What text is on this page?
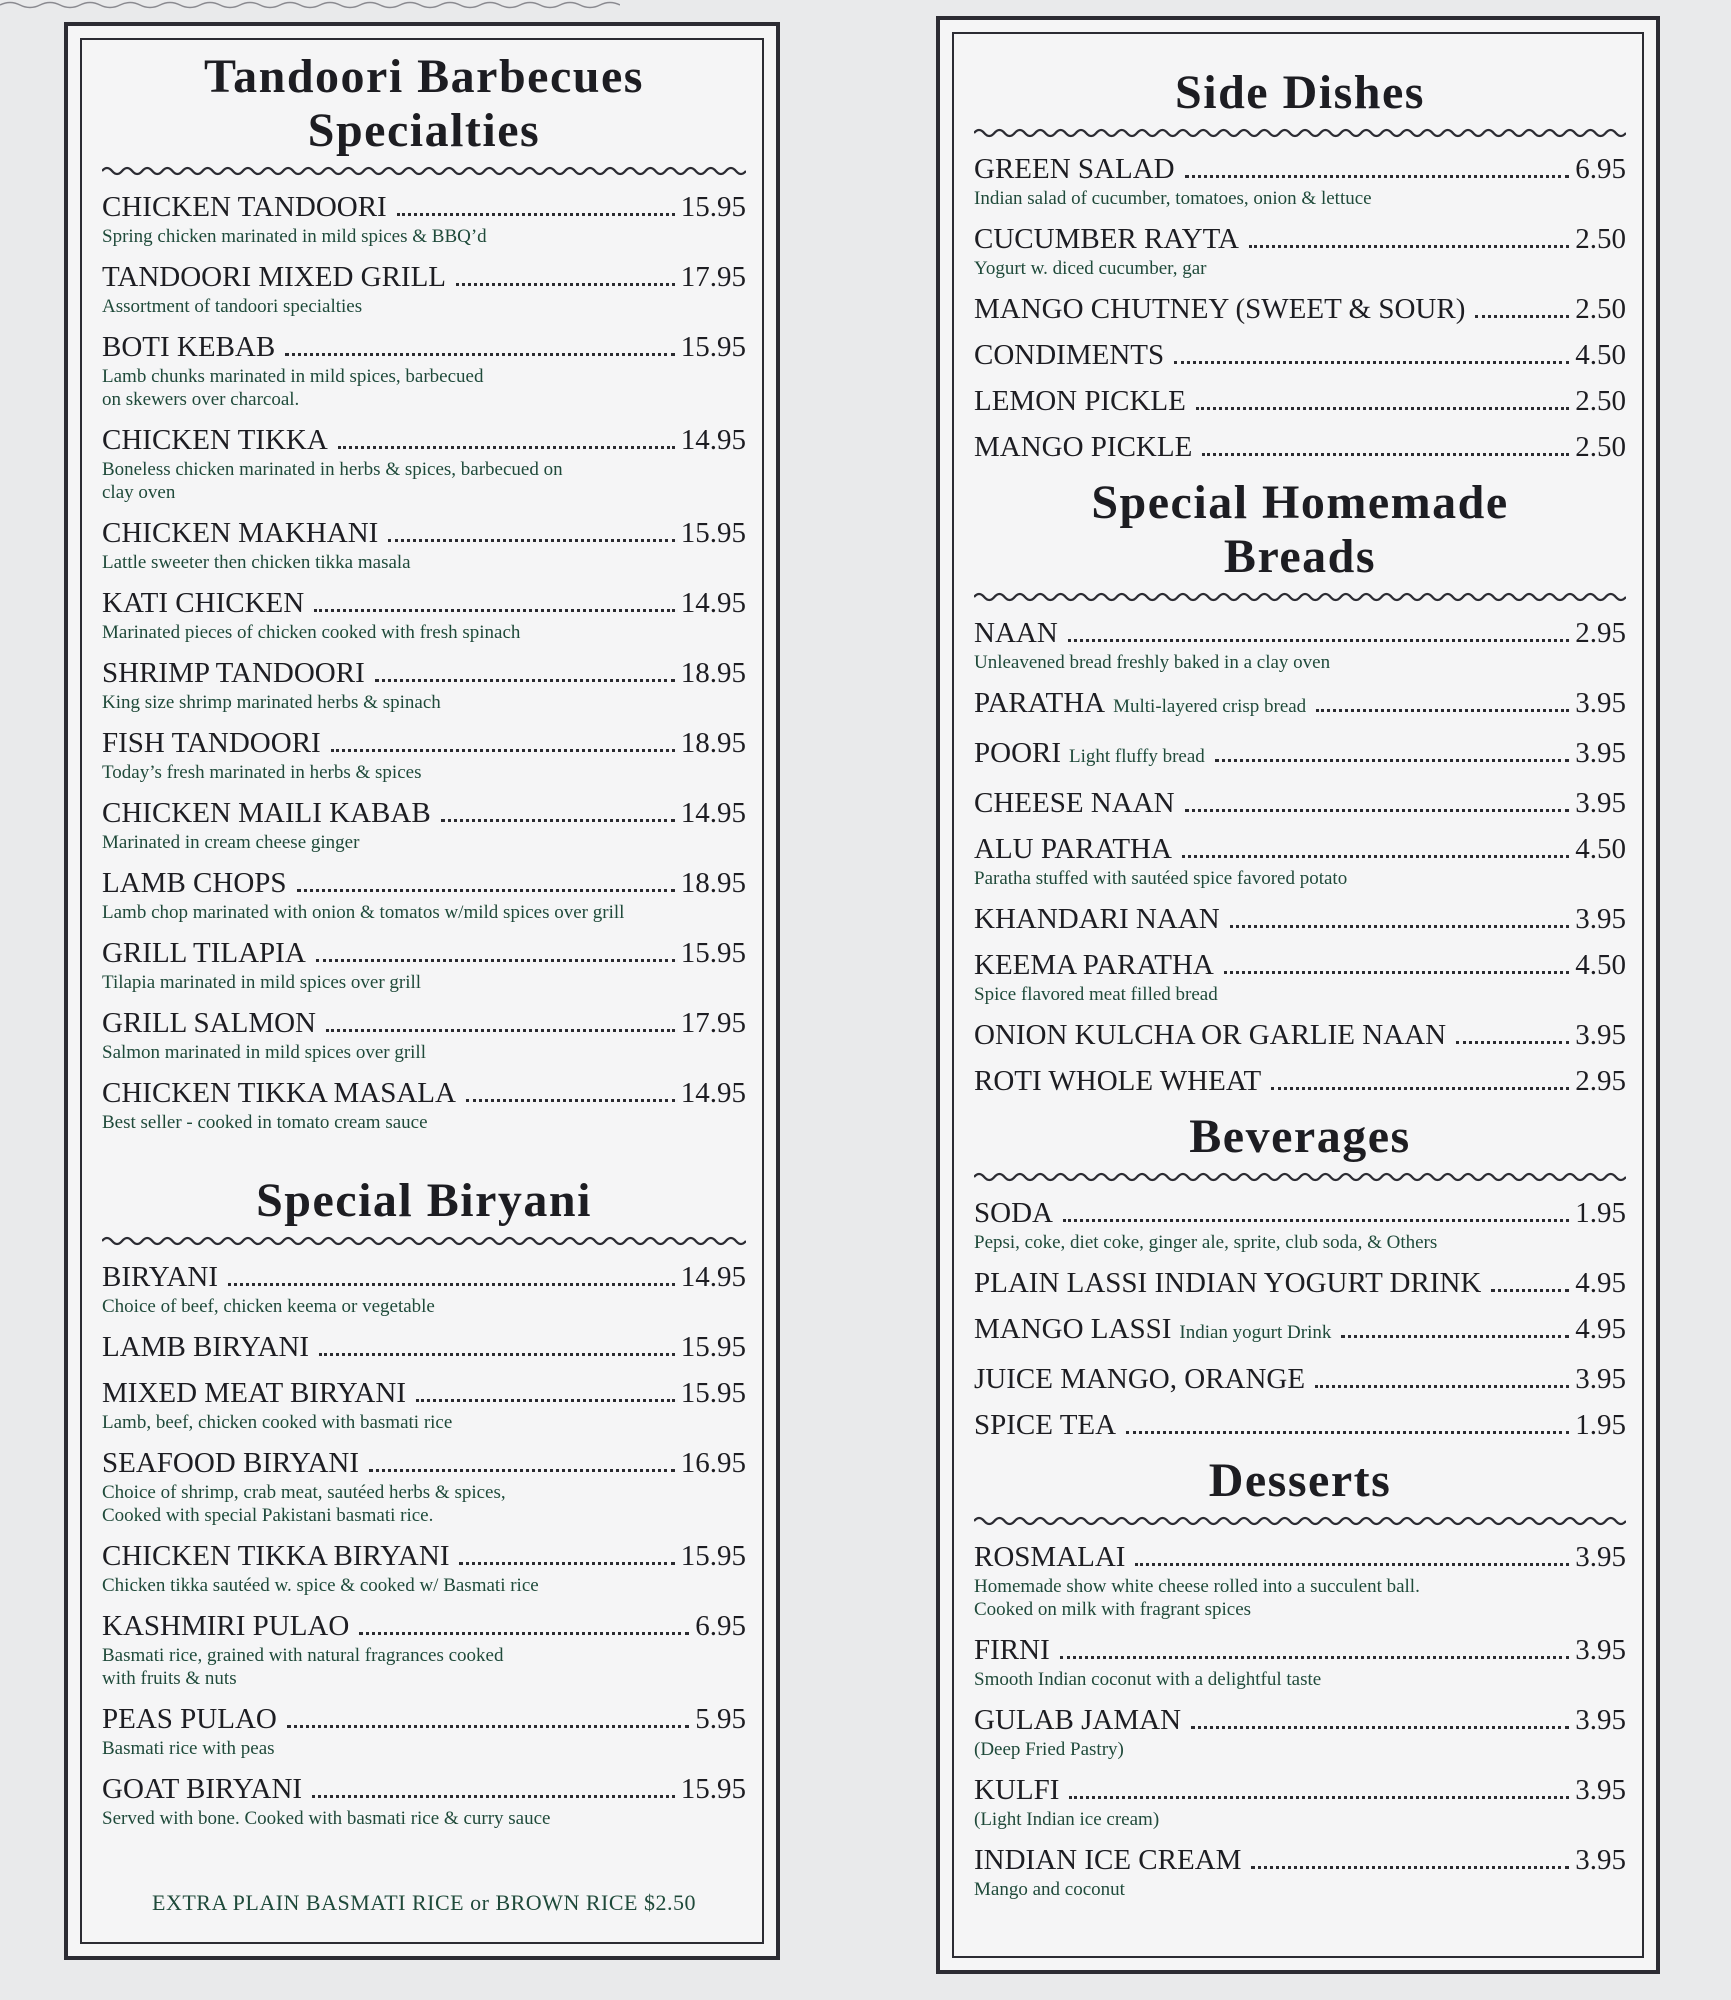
Tandoori Barbecues
Specialties
CHICKEN TANDOORI	15.95
Spring chicken marinated in mild spices & BBQ’d
TANDOORI MIXED GRILL	17.95
Assortment of tandoori specialties
BOTI KEBAB	15.95
Lamb chunks marinated in mild spices, barbecued
on skewers over charcoal.
CHICKEN TIKKA	14.95
Boneless chicken marinated in herbs & spices, barbecued on
clay oven
CHICKEN MAKHANI	15.95
Lattle sweeter then chicken tikka masala
KATI CHICKEN	14.95
Marinated pieces of chicken cooked with fresh spinach
SHRIMP TANDOORI	18.95
King size shrimp marinated herbs & spinach
FISH TANDOORI	18.95
Today’s fresh marinated in herbs & spices
CHICKEN MAILI KABAB	14.95
Marinated in cream cheese ginger
LAMB CHOPS	18.95
Lamb chop marinated with onion & tomatos w/mild spices over grill
GRILL TILAPIA	15.95
Tilapia marinated in mild spices over grill
GRILL SALMON	17.95
Salmon marinated in mild spices over grill
CHICKEN TIKKA MASALA	14.95
Best seller - cooked in tomato cream sauce
Special Biryani
BIRYANI	14.95
Choice of beef, chicken keema or vegetable
LAMB BIRYANI	15.95
MIXED MEAT BIRYANI	15.95
Lamb, beef, chicken cooked with basmati rice
SEAFOOD BIRYANI	16.95
Choice of shrimp, crab meat, sautéed herbs & spices,
Cooked with special Pakistani basmati rice.
CHICKEN TIKKA BIRYANI	15.95
Chicken tikka sautéed w. spice & cooked w/ Basmati rice
KASHMIRI PULAO	6.95
Basmati rice, grained with natural fragrances cooked
with fruits & nuts
PEAS PULAO	5.95
Basmati rice with peas
GOAT BIRYANI	15.95
Served with bone. Cooked with basmati rice & curry sauce
EXTRA PLAIN BASMATI RICE or BROWN RICE $2.50
Side Dishes
GREEN SALAD	6.95
Indian salad of cucumber, tomatoes, onion & lettuce
CUCUMBER RAYTA	2.50
Yogurt w. diced cucumber, gar
MANGO CHUTNEY (SWEET & SOUR)	2.50
CONDIMENTS	4.50
LEMON PICKLE	2.50
MANGO PICKLE	2.50
Special Homemade
Breads
NAAN	2.95
Unleavened bread freshly baked in a clay oven
PARATHA Multi-layered crisp bread	3.95
POORI Light fluffy bread	3.95
CHEESE NAAN	3.95
ALU PARATHA	4.50
Paratha stuffed with sautéed spice favored potato
KHANDARI NAAN	3.95
KEEMA PARATHA	4.50
Spice flavored meat filled bread
ONION KULCHA OR GARLIE NAAN	3.95
ROTI WHOLE WHEAT	2.95
Beverages
SODA	1.95
Pepsi, coke, diet coke, ginger ale, sprite, club soda, & Others
PLAIN LASSI INDIAN YOGURT DRINK	4.95
MANGO LASSI Indian yogurt Drink	4.95
JUICE MANGO, ORANGE	3.95
SPICE TEA	1.95
Desserts
ROSMALAI	3.95
Homemade show white cheese rolled into a succulent ball.
Cooked on milk with fragrant spices
FIRNI	3.95
Smooth Indian coconut with a delightful taste
GULAB JAMAN	3.95
(Deep Fried Pastry)
KULFI	3.95
(Light Indian ice cream)
INDIAN ICE CREAM	3.95
Mango and coconut
